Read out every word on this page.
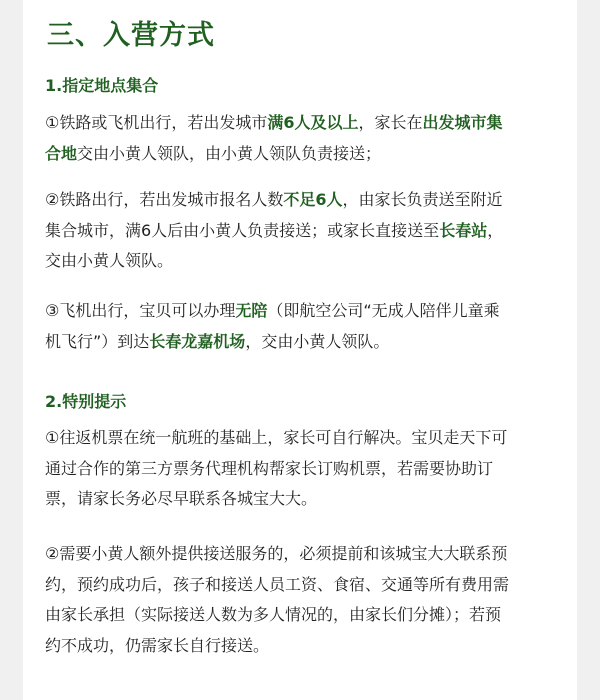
三、入营方式
1.指定地点集合

①铁路或飞机出行，若出发城市满6人及以上，家长在出发城市集合地交由小黄人领队，由小黄人领队负责接送；

②铁路出行，若出发城市报名人数不足6人，由家长负责送至附近集合城市，满6人后由小黄人负责接送；或家长直接送至长春站，交由小黄人领队。

③飞机出行，宝贝可以办理无陪（即航空公司“无成人陪伴儿童乘机飞行”）到达长春龙嘉机场，交由小黄人领队。

2.特别提示

①往返机票在统一航班的基础上，家长可自行解决。宝贝走天下可通过合作的第三方票务代理机构帮家长订购机票，若需要协助订票，请家长务必尽早联系各城宝大大。

②需要小黄人额外提供接送服务的，必须提前和该城宝大大联系预约，预约成功后，孩子和接送人员工资、食宿、交通等所有费用需由家长承担（实际接送人数为多人情况的，由家长们分摊）；若预约不成功，仍需家长自行接送。
